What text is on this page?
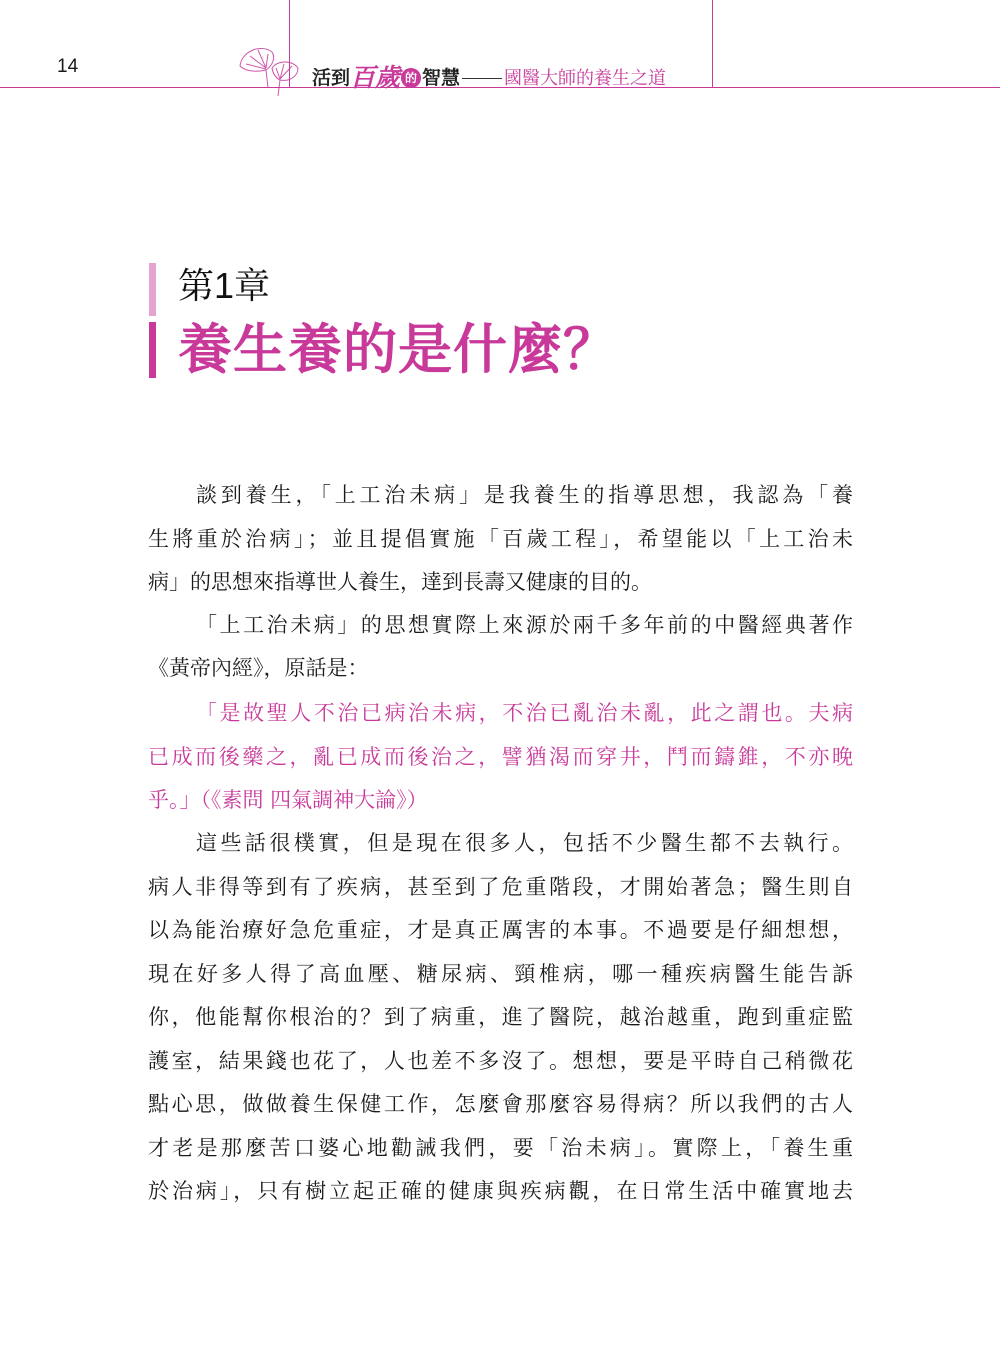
14
活到 百歲 的 智慧 國醫大師的養生之道
第1章
養生養的是什麼？
談到養生，「上工治未病」是我養生的指導思想，我認為「養
生將重於治病」；並且提倡實施「百歲工程」，希望能以「上工治未
病」的思想來指導世人養生，達到長壽又健康的目的。
「上工治未病」的思想實際上來源於兩千多年前的中醫經典著作
《黃帝內經》，原話是：
「是故聖人不治已病治未病，不治已亂治未亂，此之謂也。夫病
已成而後藥之，亂已成而後治之，譬猶渴而穿井，鬥而鑄錐，不亦晚
乎。」（《素問 四氣調神大論》）
這些話很樸實，但是現在很多人，包括不少醫生都不去執行。
病人非得等到有了疾病，甚至到了危重階段，才開始著急；醫生則自
以為能治療好急危重症，才是真正厲害的本事。不過要是仔細想想，
現在好多人得了高血壓、糖尿病、頸椎病，哪一種疾病醫生能告訴
你，他能幫你根治的？到了病重，進了醫院，越治越重，跑到重症監
護室，結果錢也花了，人也差不多沒了。想想，要是平時自己稍微花
點心思，做做養生保健工作，怎麼會那麼容易得病？所以我們的古人
才老是那麼苦口婆心地勸誡我們，要「治未病」。實際上，「養生重
於治病」，只有樹立起正確的健康與疾病觀，在日常生活中確實地去
